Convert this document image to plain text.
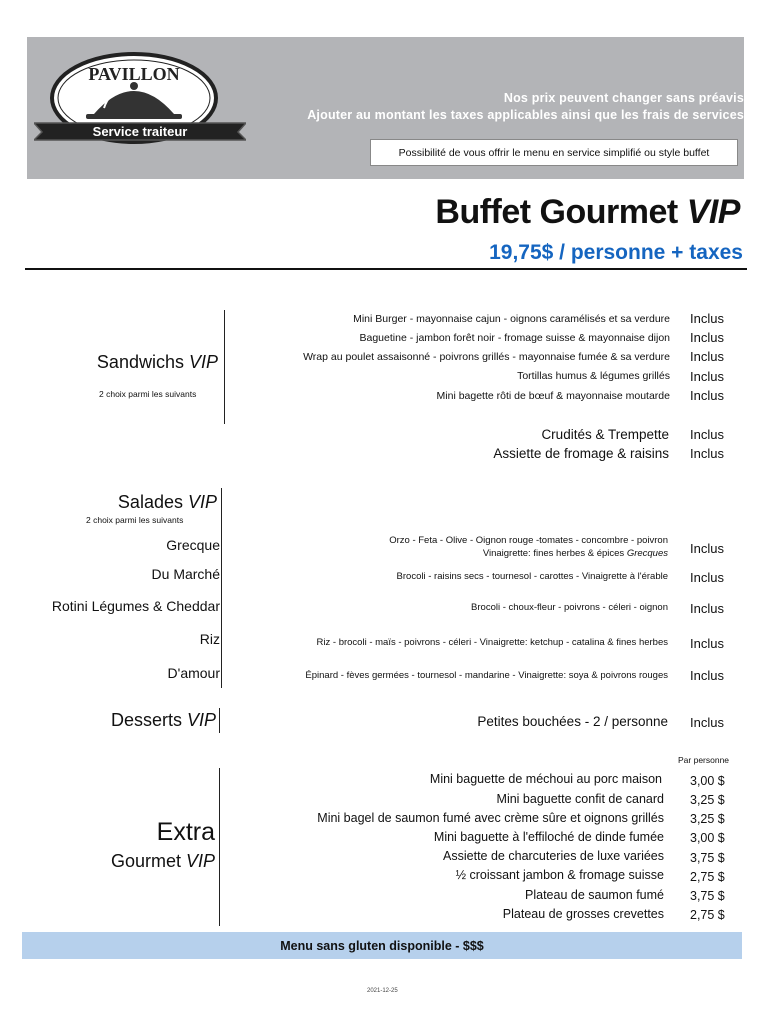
PAVILLON
Service traiteur
Nos prix peuvent changer sans préavis
Ajouter au montant les taxes applicables ainsi que les frais de services
Possibilité de vous offrir le menu en service simplifié ou style buffet
Buffet Gourmet VIP
19,75$ / personne + taxes
Sandwichs VIP
2 choix parmi les suivants
Mini Burger - mayonnaise cajun - oignons caramélisés et sa verdure Inclus
Baguetine - jambon forêt noir - fromage suisse & mayonnaise dijon Inclus
Wrap au poulet assaisonné - poivrons grillés - mayonnaise fumée & sa verdure Inclus
Tortillas humus & légumes grillés Inclus
Mini bagette rôti de bœuf & mayonnaise moutarde Inclus
Crudités & Trempette Inclus
Assiette de fromage & raisins Inclus
Salades VIP
2 choix parmi les suivants
Grecque	Orzo - Feta - Olive - Oignon rouge -tomates - concombre - poivron
Vinaigrette: fines herbes & épices Grecques Inclus
Du Marché	Brocoli - raisins secs - tournesol - carottes - Vinaigrette à l'érable Inclus
Rotini Légumes & Cheddar	Brocoli - choux-fleur - poivrons - céleri - oignon Inclus
Riz	Riz - brocoli - maïs - poivrons - céleri - Vinaigrette: ketchup - catalina & fines herbes Inclus
D'amour	Épinard - fèves germées - tournesol - mandarine - Vinaigrette: soya & poivrons rouges Inclus
Desserts VIP	Petites bouchées - 2 / personne Inclus
Extra
Gourmet VIP
Par personne
Mini baguette de méchoui au porc maison 3,00 $
Mini baguette confit de canard 3,25 $
Mini bagel de saumon fumé avec crème sûre et oignons grillés 3,25 $
Mini baguette à l'effiloché de dinde fumée 3,00 $
Assiette de charcuteries de luxe variées 3,75 $
½ croissant jambon & fromage suisse 2,75 $
Plateau de saumon fumé 3,75 $
Plateau de grosses crevettes 2,75 $
Menu sans gluten disponible - $$$
2021-12-25
